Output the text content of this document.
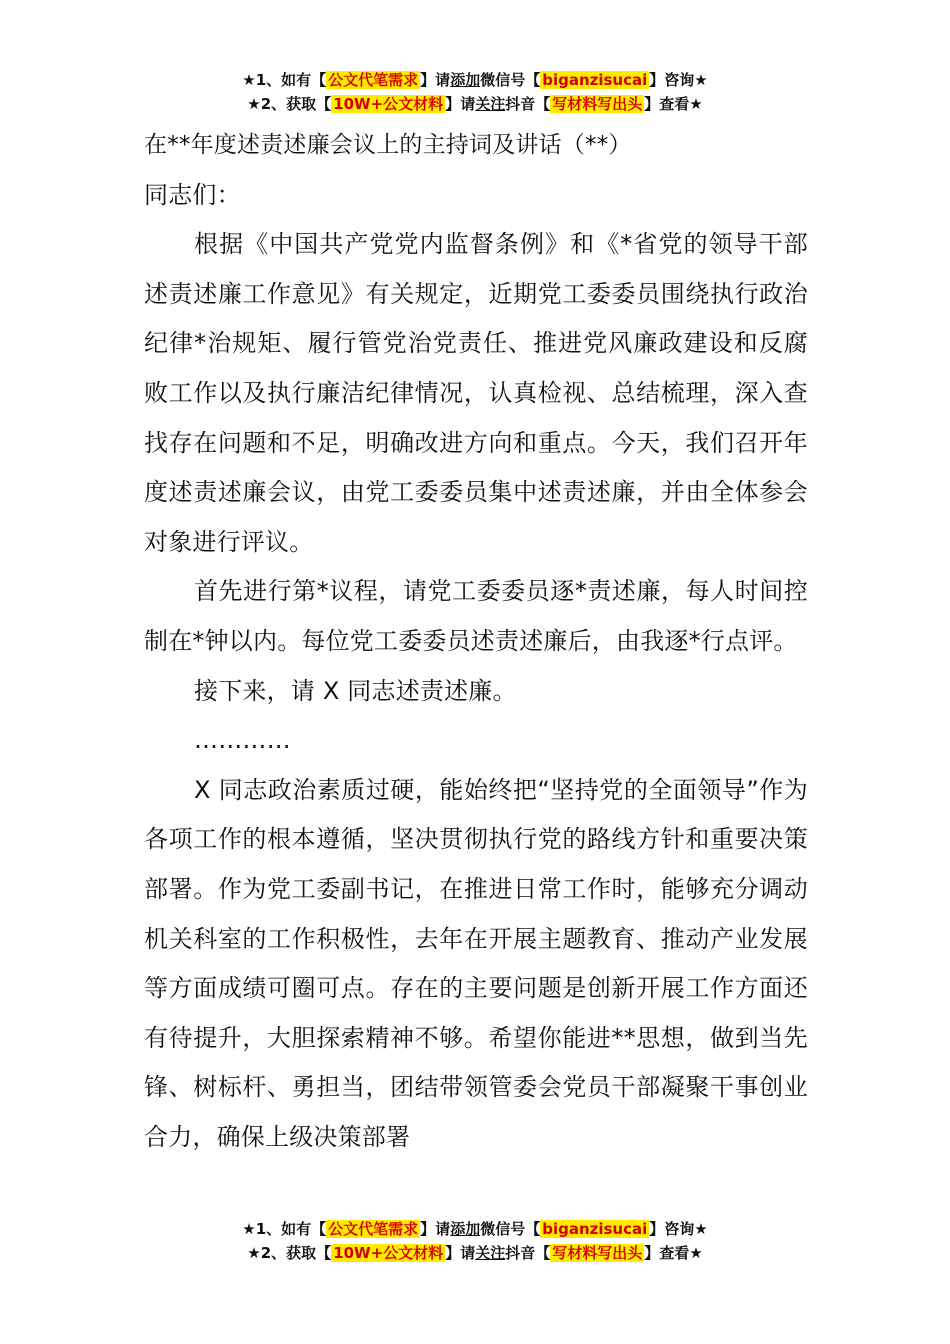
★1、如有【 公文代笔需求 】请添加微信号【 biganzisucai 】咨询★
★2、获取【 10W+公文材料 】请关注抖音【 写材料写出头 】查看★

在**年度述责述廉会议上的主持词及讲话（**）

同志们：

根据《中国共产党党内监督条例》和《*省党的领导干部述责述廉工作意见》有关规定，近期党工委委员围绕执行政治纪律*治规矩、履行管党治党责任、推进党风廉政建设和反腐败工作以及执行廉洁纪律情况，认真检视、总结梳理，深入查找存在问题和不足，明确改进方向和重点。今天，我们召开年度述责述廉会议，由党工委委员集中述责述廉，并由全体参会对象进行评议。

首先进行第*议程，请党工委委员逐*责述廉，每人时间控制在*钟以内。每位党工委委员述责述廉后，由我逐*行点评。

接下来，请 X 同志述责述廉。

…………

X 同志政治素质过硬，能始终把“坚持党的全面领导”作为各项工作的根本遵循，坚决贯彻执行党的路线方针和重要决策部署。作为党工委副书记，在推进日常工作时，能够充分调动机关科室的工作积极性，去年在开展主题教育、推动产业发展等方面成绩可圈可点。存在的主要问题是创新开展工作方面还有待提升，大胆探索精神不够。希望你能进**思想，做到当先锋、树标杆、勇担当，团结带领管委会党员干部凝聚干事创业合力，确保上级决策部署

★1、如有【 公文代笔需求 】请添加微信号【 biganzisucai 】咨询★
★2、获取【 10W+公文材料 】请关注抖音【 写材料写出头 】查看★
